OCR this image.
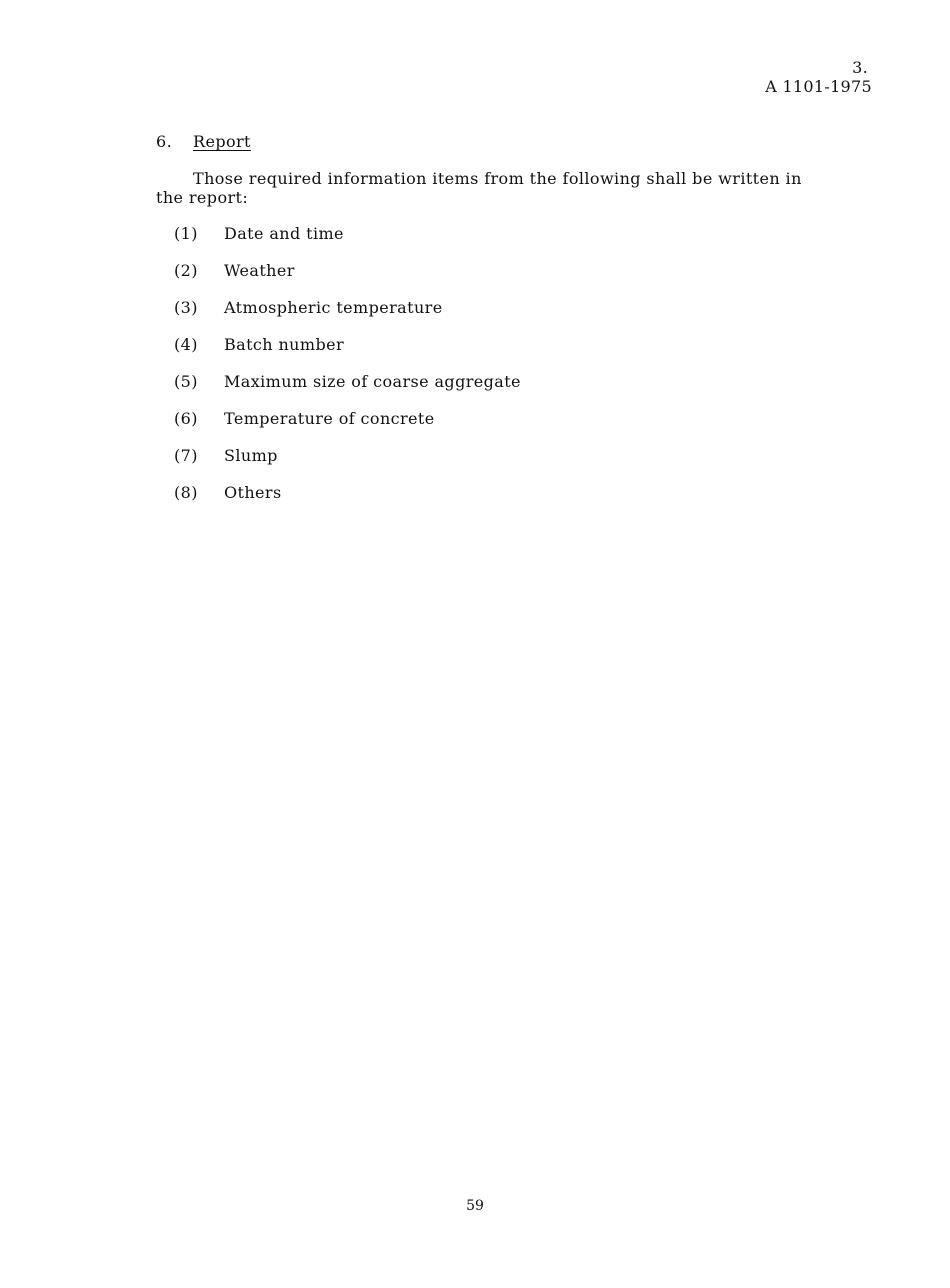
3.
A 1101-1975
6. Report

Those required information items from the following shall be written in
the report:

(1) Date and time
(2) Weather
(3) Atmospheric temperature
(4) Batch number
(5) Maximum size of coarse aggregate
(6) Temperature of concrete
(7) Slump
(8) Others
59
